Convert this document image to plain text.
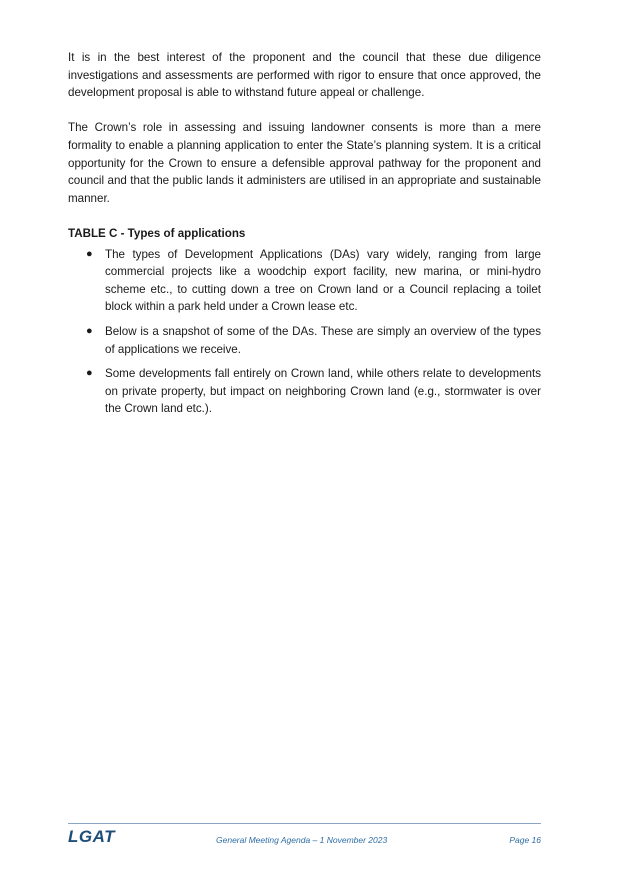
It is in the best interest of the proponent and the council that these due diligence investigations and assessments are performed with rigor to ensure that once approved, the development proposal is able to withstand future appeal or challenge.

The Crown’s role in assessing and issuing landowner consents is more than a mere formality to enable a planning application to enter the State’s planning system. It is a critical opportunity for the Crown to ensure a defensible approval pathway for the proponent and council and that the public lands it administers are utilised in an appropriate and sustainable manner.

TABLE C - Types of applications
● The types of Development Applications (DAs) vary widely, ranging from large commercial projects like a woodchip export facility, new marina, or mini-hydro scheme etc., to cutting down a tree on Crown land or a Council replacing a toilet block within a park held under a Crown lease etc.
● Below is a snapshot of some of the DAs. These are simply an overview of the types of applications we receive.
● Some developments fall entirely on Crown land, while others relate to developments on private property, but impact on neighboring Crown land (e.g., stormwater is over the Crown land etc.).
LGAT	General Meeting Agenda – 1 November 2023	Page 16
